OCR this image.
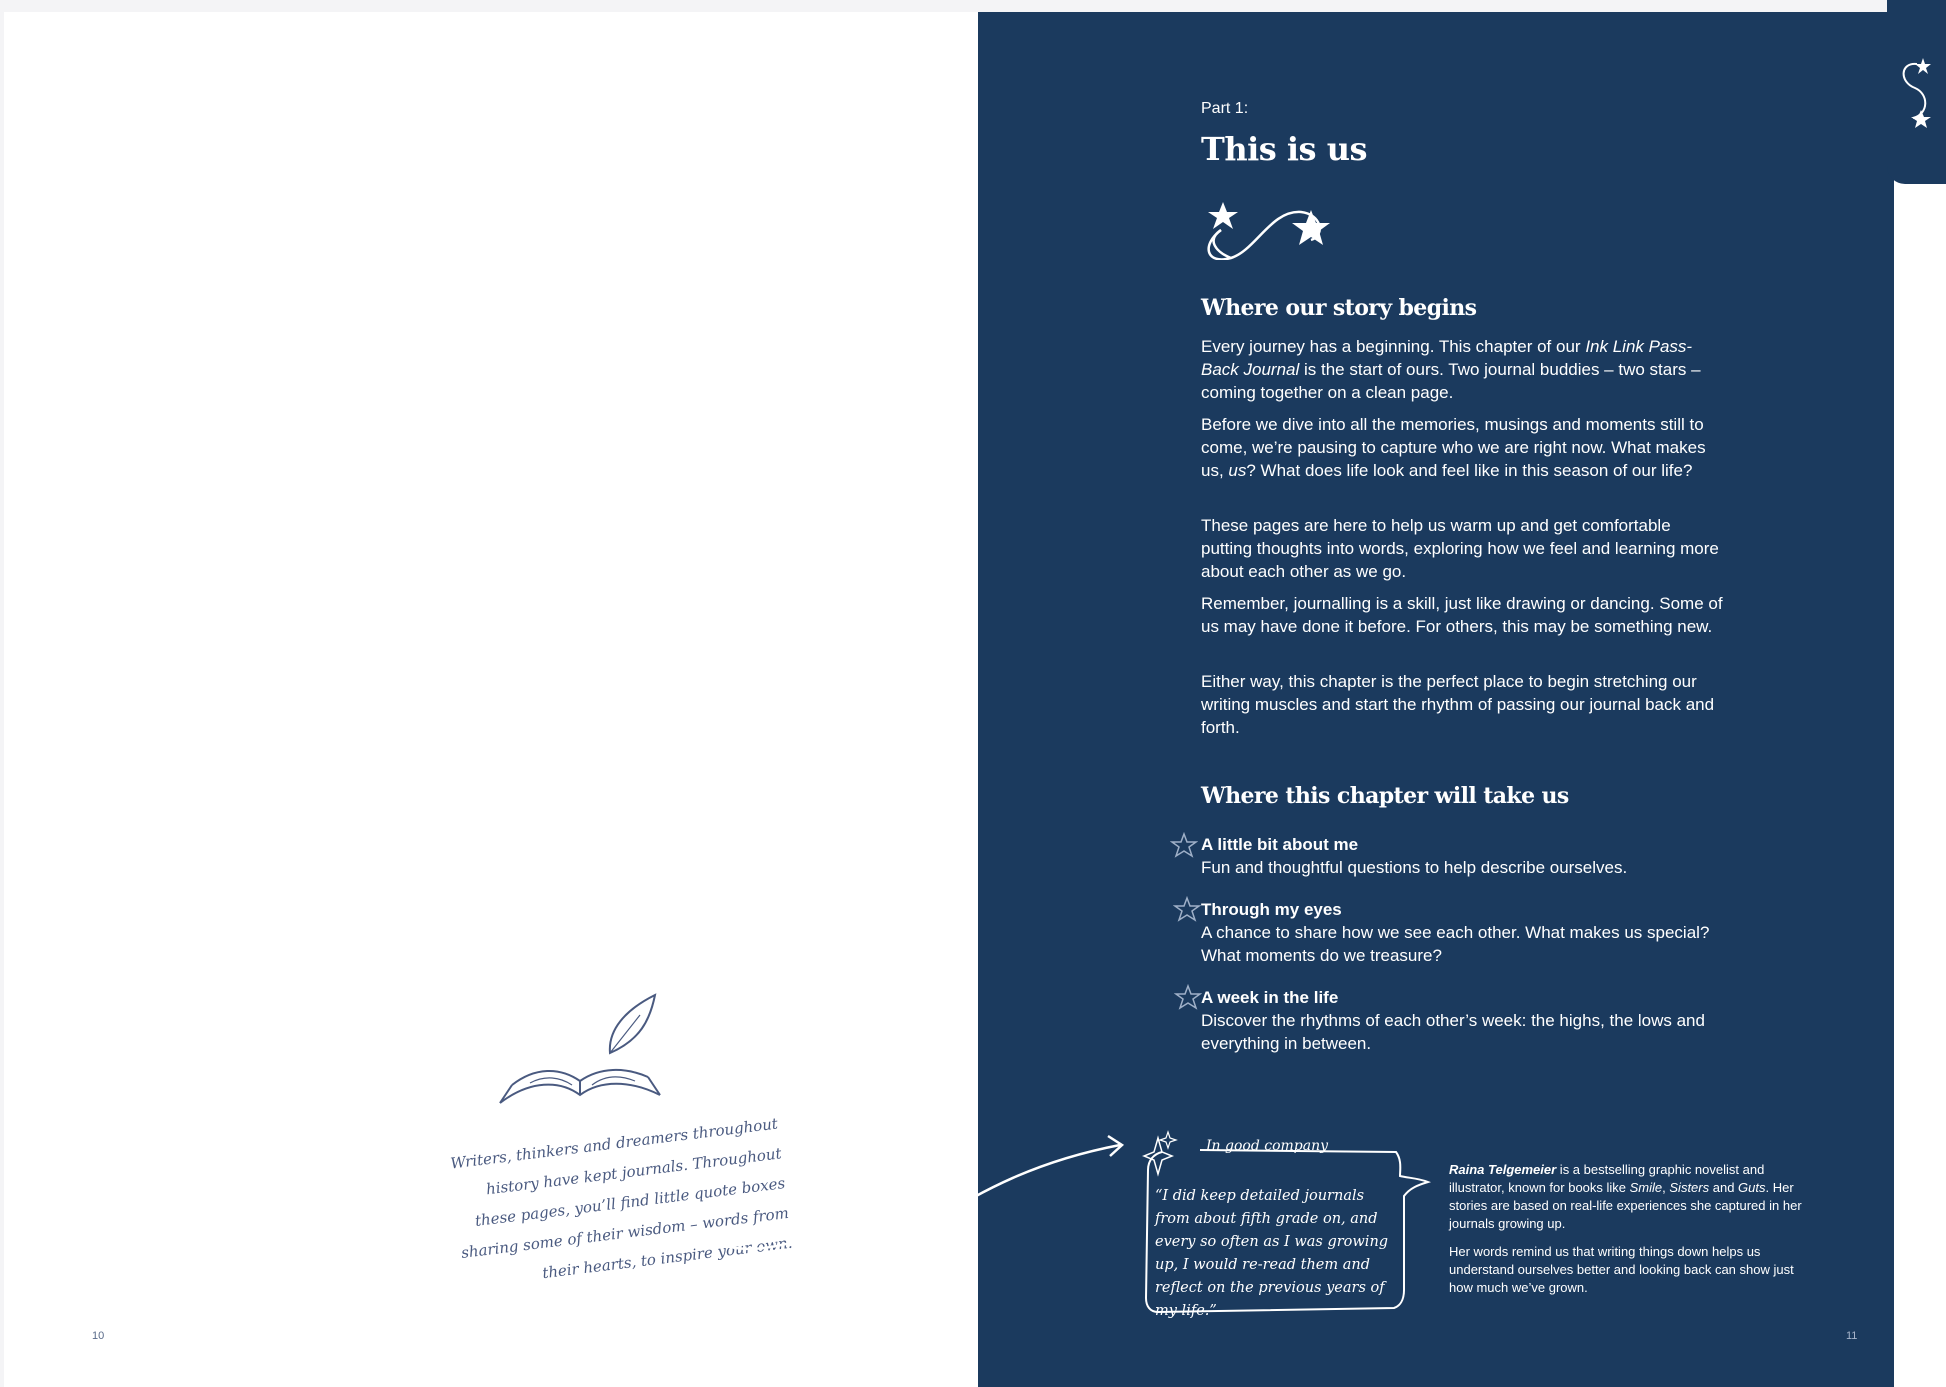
10	11
Part 1:
This is us
Where our story begins

Every journey has a beginning. This chapter of our Ink Link Pass-Back Journal is the start of ours. Two journal buddies – two stars – coming together on a clean page.

Before we dive into all the memories, musings and moments still to come, we’re pausing to capture who we are right now. What makes us, us? What does life look and feel like in this season of our life?

These pages are here to help us warm up and get comfortable putting thoughts into words, exploring how we feel and learning more about each other as we go.

Remember, journalling is a skill, just like drawing or dancing. Some of us may have done it before. For others, this may be something new.

Either way, this chapter is the perfect place to begin stretching our writing muscles and start the rhythm of passing our journal back and forth.

Where this chapter will take us
A little bit about me
Fun and thoughtful questions to help describe ourselves.
Through my eyes
A chance to share how we see each other. What makes us special? What moments do we treasure?
A week in the life
Discover the rhythms of each other’s week: the highs, the lows and everything in between.
Writers, thinkers and dreamers throughout history have kept journals. Throughout these pages, you’ll find little quote boxes sharing some of their wisdom – words from their hearts, to inspire your own.
In good company
“I did keep detailed journals from about fifth grade on, and every so often as I was growing up, I would re-read them and reflect on the previous years of my life.”

Raina Telgemeier is a bestselling graphic novelist and illustrator, known for books like Smile, Sisters and Guts. Her stories are based on real-life experiences she captured in her journals growing up.

Her words remind us that writing things down helps us understand ourselves better and looking back can show just how much we’ve grown.
